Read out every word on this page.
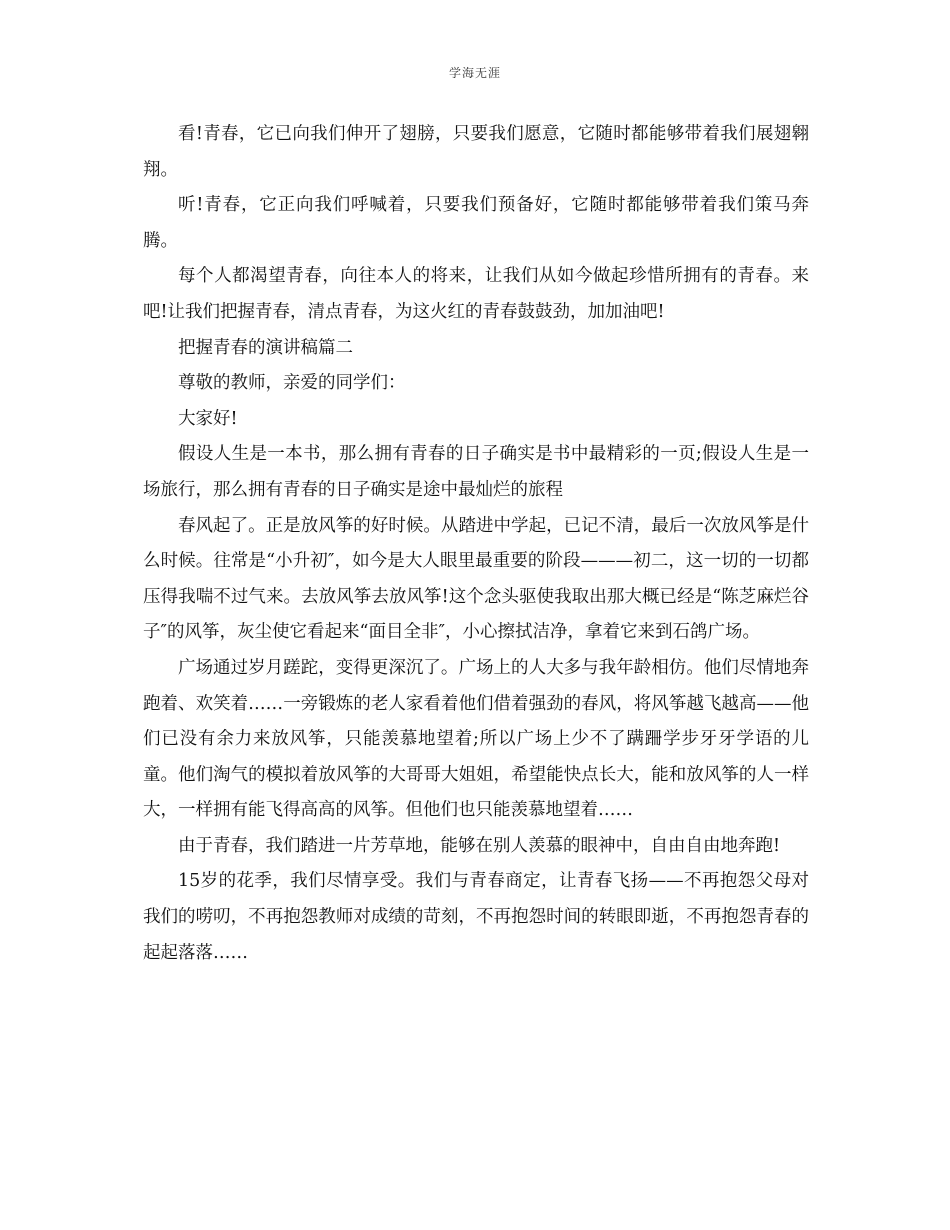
学海无涯

看!青春，它已向我们伸开了翅膀，只要我们愿意，它随时都能够带着我们展翅翱翔。

听!青春，它正向我们呼喊着，只要我们预备好，它随时都能够带着我们策马奔腾。

每个人都渴望青春，向往本人的将来，让我们从如今做起珍惜所拥有的青春。来吧!让我们把握青春，清点青春，为这火红的青春鼓鼓劲，加加油吧!

把握青春的演讲稿篇二

尊敬的教师，亲爱的同学们：

大家好!

假设人生是一本书，那么拥有青春的日子确实是书中最精彩的一页;假设人生是一场旅行，那么拥有青春的日子确实是途中最灿烂的旅程

春风起了。正是放风筝的好时候。从踏进中学起，已记不清，最后一次放风筝是什么时候。往常是“小升初″，如今是大人眼里最重要的阶段———初二，这一切的一切都压得我喘不过气来。去放风筝去放风筝!这个念头驱使我取出那大概已经是“陈芝麻烂谷子″的风筝，灰尘使它看起来“面目全非″，小心擦拭洁净，拿着它来到石鸽广场。

广场通过岁月蹉跎，变得更深沉了。广场上的人大多与我年龄相仿。他们尽情地奔跑着、欢笑着……一旁锻炼的老人家看着他们借着强劲的春风，将风筝越飞越高——他们已没有余力来放风筝，只能羡慕地望着;所以广场上少不了蹒跚学步牙牙学语的儿童。他们淘气的模拟着放风筝的大哥哥大姐姐，希望能快点长大，能和放风筝的人一样大，一样拥有能飞得高高的风筝。但他们也只能羡慕地望着……

由于青春，我们踏进一片芳草地，能够在别人羡慕的眼神中，自由自由地奔跑!

15岁的花季，我们尽情享受。我们与青春商定，让青春飞扬——不再抱怨父母对我们的唠叨，不再抱怨教师对成绩的苛刻，不再抱怨时间的转眼即逝，不再抱怨青春的起起落落……
